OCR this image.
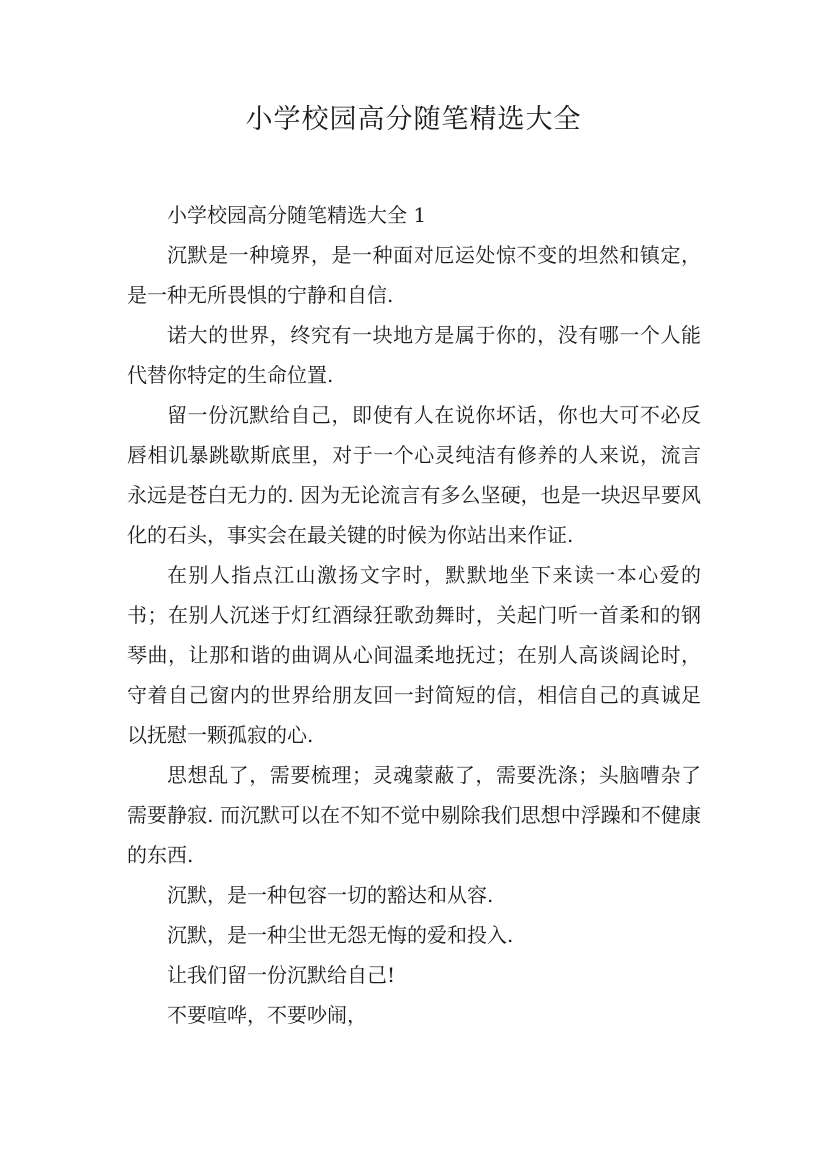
小学校园高分随笔精选大全

小学校园高分随笔精选大全 1

沉默是一种境界，是一种面对厄运处惊不变的坦然和镇定，是一种无所畏惧的宁静和自信.

诺大的世界，终究有一块地方是属于你的，没有哪一个人能代替你特定的生命位置.

留一份沉默给自己，即使有人在说你坏话，你也大可不必反唇相讥暴跳歇斯底里，对于一个心灵纯洁有修养的人来说，流言永远是苍白无力的. 因为无论流言有多么坚硬，也是一块迟早要风化的石头，事实会在最关键的时候为你站出来作证.

在别人指点江山激扬文字时，默默地坐下来读一本心爱的书；在别人沉迷于灯红酒绿狂歌劲舞时，关起门听一首柔和的钢琴曲，让那和谐的曲调从心间温柔地抚过；在别人高谈阔论时，守着自己窗内的世界给朋友回一封简短的信，相信自己的真诚足以抚慰一颗孤寂的心.

思想乱了，需要梳理；灵魂蒙蔽了，需要洗涤；头脑嘈杂了需要静寂. 而沉默可以在不知不觉中剔除我们思想中浮躁和不健康的东西.

沉默，是一种包容一切的豁达和从容.

沉默，是一种尘世无怨无悔的爱和投入.

让我们留一份沉默给自己!

不要喧哗，不要吵闹，
